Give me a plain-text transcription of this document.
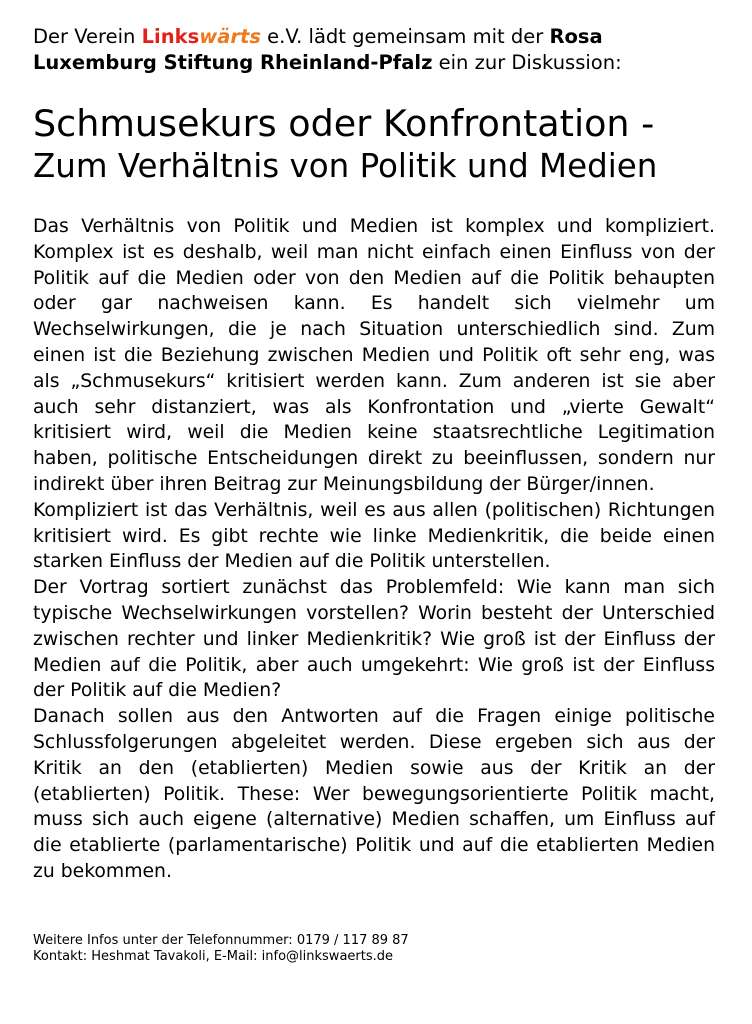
Der Verein Linkswärts e.V. lädt gemeinsam mit der Rosa Luxemburg Stiftung Rheinland-Pfalz ein zur Diskussion:

Schmusekurs oder Konfrontation -
Zum Verhältnis von Politik und Medien

Das Verhältnis von Politik und Medien ist komplex und kompliziert. Komplex ist es deshalb, weil man nicht einfach einen Einfluss von der Politik auf die Medien oder von den Medien auf die Politik behaupten oder gar nachweisen kann. Es handelt sich vielmehr um Wechselwirkungen, die je nach Situation unterschiedlich sind. Zum einen ist die Beziehung zwischen Medien und Politik oft sehr eng, was als „Schmusekurs“ kritisiert werden kann. Zum anderen ist sie aber auch sehr distanziert, was als Konfrontation und „vierte Gewalt“ kritisiert wird, weil die Medien keine staatsrechtliche Legitimation haben, politische Entscheidungen direkt zu beeinflussen, sondern nur indirekt über ihren Beitrag zur Meinungsbildung der Bürger/innen.

Kompliziert ist das Verhältnis, weil es aus allen (politischen) Richtungen kritisiert wird. Es gibt rechte wie linke Medienkritik, die beide einen starken Einfluss der Medien auf die Politik unterstellen.

Der Vortrag sortiert zunächst das Problemfeld: Wie kann man sich typische Wechselwirkungen vorstellen? Worin besteht der Unterschied zwischen rechter und linker Medienkritik? Wie groß ist der Einfluss der Medien auf die Politik, aber auch umgekehrt: Wie groß ist der Einfluss der Politik auf die Medien?

Danach sollen aus den Antworten auf die Fragen einige politische Schlussfolgerungen abgeleitet werden. Diese ergeben sich aus der Kritik an den (etablierten) Medien sowie aus der Kritik an der (etablierten) Politik. These: Wer bewegungsorientierte Politik macht, muss sich auch eigene (alternative) Medien schaffen, um Einfluss auf die etablierte (parlamentarische) Politik und auf die etablierten Medien zu bekommen.

Weitere Infos unter der Telefonnummer: 0179 / 117 89 87
Kontakt: Heshmat Tavakoli, E-Mail: info@linkswaerts.de
